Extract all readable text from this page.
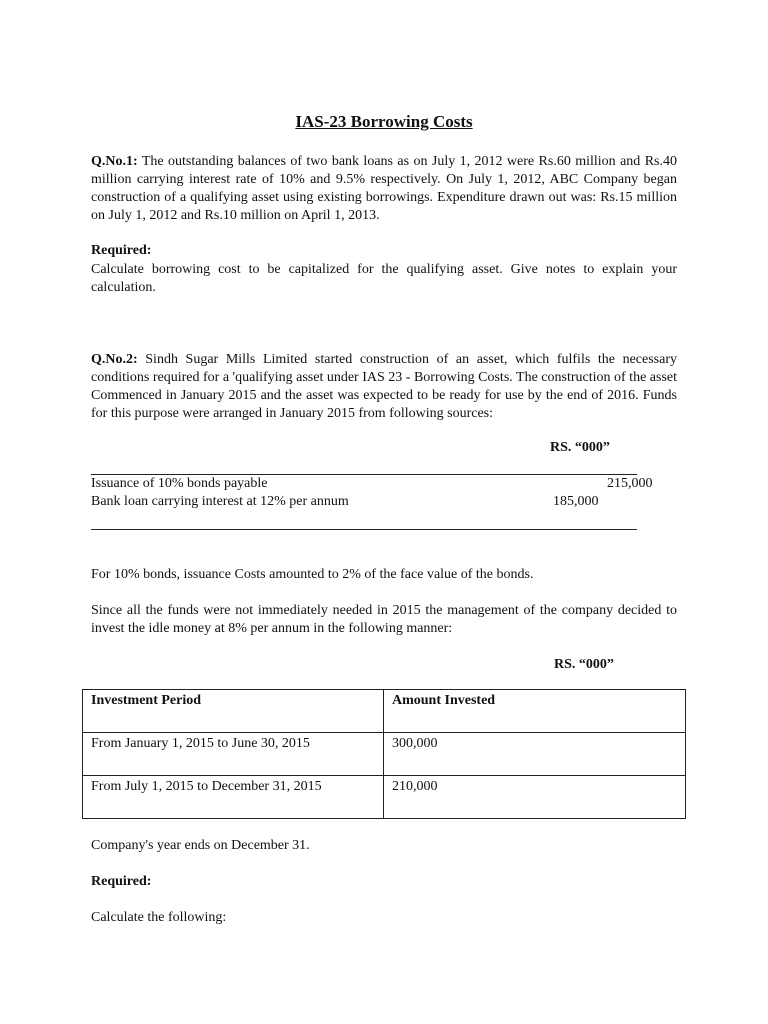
IAS-23 Borrowing Costs
Q.No.1: The outstanding balances of two bank loans as on July 1, 2012 were Rs.60 million and Rs.40 million carrying interest rate of 10% and 9.5% respectively. On July 1, 2012, ABC Company began construction of a qualifying asset using existing borrowings. Expenditure drawn out was: Rs.15 million on July 1, 2012 and Rs.10 million on April 1, 2013.
Required:
Calculate borrowing cost to be capitalized for the qualifying asset. Give notes to explain your calculation.
Q.No.2: Sindh Sugar Mills Limited started construction of an asset, which fulfils the necessary conditions required for a 'qualifying asset under IAS 23 - Borrowing Costs. The construction of the asset Commenced in January 2015 and the asset was expected to be ready for use by the end of 2016. Funds for this purpose were arranged in January 2015 from following sources:
RS. “000”
Issuance of 10% bonds payable	215,000
Bank loan carrying interest at 12% per annum	185,000
For 10% bonds, issuance Costs amounted to 2% of the face value of the bonds.
Since all the funds were not immediately needed in 2015 the management of the company decided to invest the idle money at 8% per annum in the following manner:
RS. “000”
Investment Period	Amount Invested
From January 1, 2015 to June 30, 2015	300,000
From July 1, 2015 to December 31, 2015	210,000
Company's year ends on December 31.
Required:
Calculate the following:
